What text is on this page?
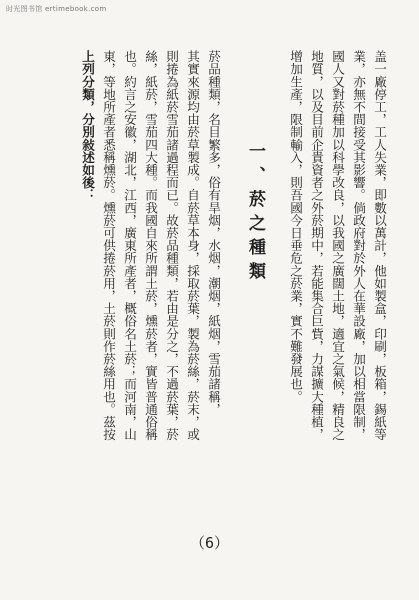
时光图书馆 ertimebook.com
盖一廠停工，工人失業，即數以萬計，他如製盒，印刷，板箱，錫紙等
業，亦無不間接受其影響。倘政府對於外人在華設廠，加以相當限制，
國人又對菸種加以科學改良，以我國之廣闊土地，適宜之氣候，精良之
地質，以及目前企貴資者之外菸期中，若能集合巨貲，力謀擴大種植，
增加生產，限制輸入，則吾國今日垂危之菸業，實不難發展也。
一、菸之種類
菸品種類，名目繁多，俗有旱烟，水烟，潮烟，紙烟，雪茄諸稱，
其實來源均由菸草製成。自菸草本身，採取菸葉，製為菸絲，菸末，或
則捲為紙菸雪茄諸過程而已。故菸品種類，若由是分之，不過菸葉，菸
絲，紙菸，雪茄四大種。而我國自來所謂土菸，燻菸者，實皆普通俗稱
也。約言之安徽，湖北，江西，廣東所產者，概俗名土菸；而河南，山
東，等地所產者悉稱燻菸。燻菸可供捲菸用，土菸則作菸絲用也。茲按
上列分類，分別敍述如後：
（6）
